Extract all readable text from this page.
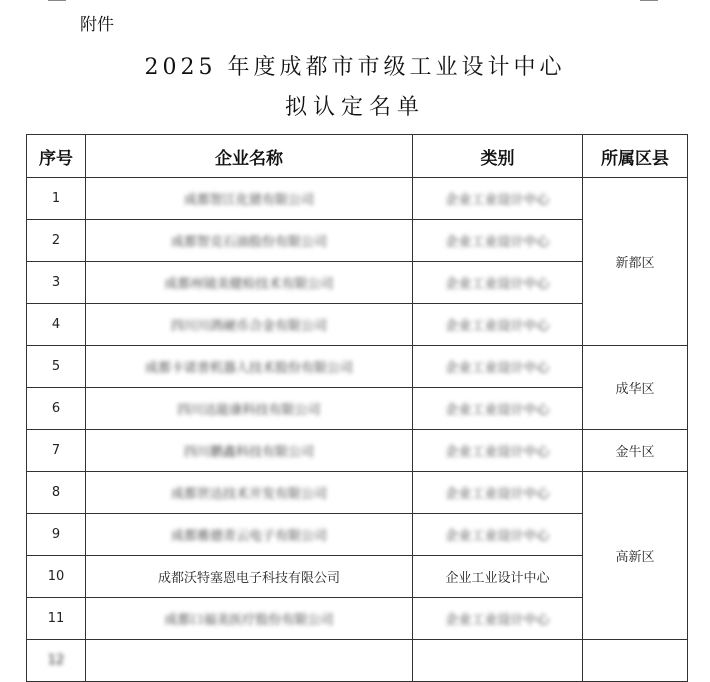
附件
2025 年度成都市市级工业设计中心
拟认定名单
序号	企业名称	类别	所属区县
1	成都智江化猪有限公司	企业工业设计中心	新都区
2	成都智克石油股份有限公司	企业工业设计中心	
3	成都州镜美健检技术有限公司	企业工业设计中心	
4	四川川鸽硬币合金有限公司	企业工业设计中心	
5	成都卡诺普机器人技术股份有限公司	企业工业设计中心	成华区
6	四川达能康科技有限公司	企业工业设计中心	
7	四川鹏鑫科技有限公司	企业工业设计中心	金牛区
8	成都世达技术开发有限公司	企业工业设计中心	高新区
9	成都雅德青云电子有限公司	企业工业设计中心	
10	成都沃特塞恩电子科技有限公司	企业工业设计中心	
11	成都口福美医疗股份有限公司	企业工业设计中心	
12			
